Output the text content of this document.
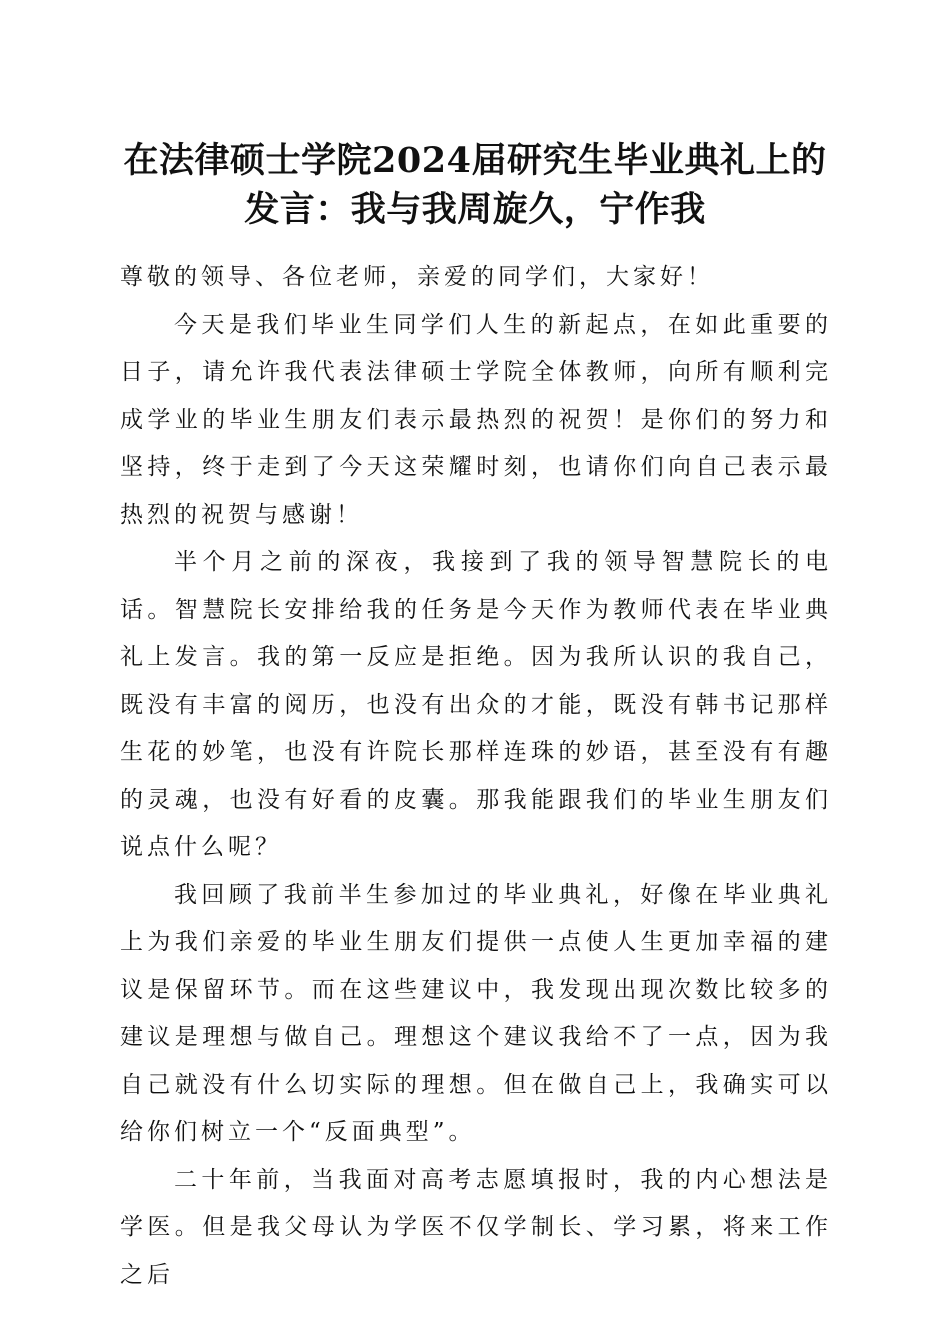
在法律硕士学院2024届研究生毕业典礼上的
发言：我与我周旋久，宁作我

尊敬的领导、各位老师，亲爱的同学们，大家好！

今天是我们毕业生同学们人生的新起点，在如此重要的日子，请允许我代表法律硕士学院全体教师，向所有顺利完成学业的毕业生朋友们表示最热烈的祝贺！是你们的努力和坚持，终于走到了今天这荣耀时刻，也请你们向自己表示最热烈的祝贺与感谢！

半个月之前的深夜，我接到了我的领导智慧院长的电话。智慧院长安排给我的任务是今天作为教师代表在毕业典礼上发言。我的第一反应是拒绝。因为我所认识的我自己，既没有丰富的阅历，也没有出众的才能，既没有韩书记那样生花的妙笔，也没有许院长那样连珠的妙语，甚至没有有趣的灵魂，也没有好看的皮囊。那我能跟我们的毕业生朋友们说点什么呢？

我回顾了我前半生参加过的毕业典礼，好像在毕业典礼上为我们亲爱的毕业生朋友们提供一点使人生更加幸福的建议是保留环节。而在这些建议中，我发现出现次数比较多的建议是理想与做自己。理想这个建议我给不了一点，因为我自己就没有什么切实际的理想。但在做自己上，我确实可以给你们树立一个“反面典型”。

二十年前，当我面对高考志愿填报时，我的内心想法是学医。但是我父母认为学医不仅学制长、学习累，将来工作之后
